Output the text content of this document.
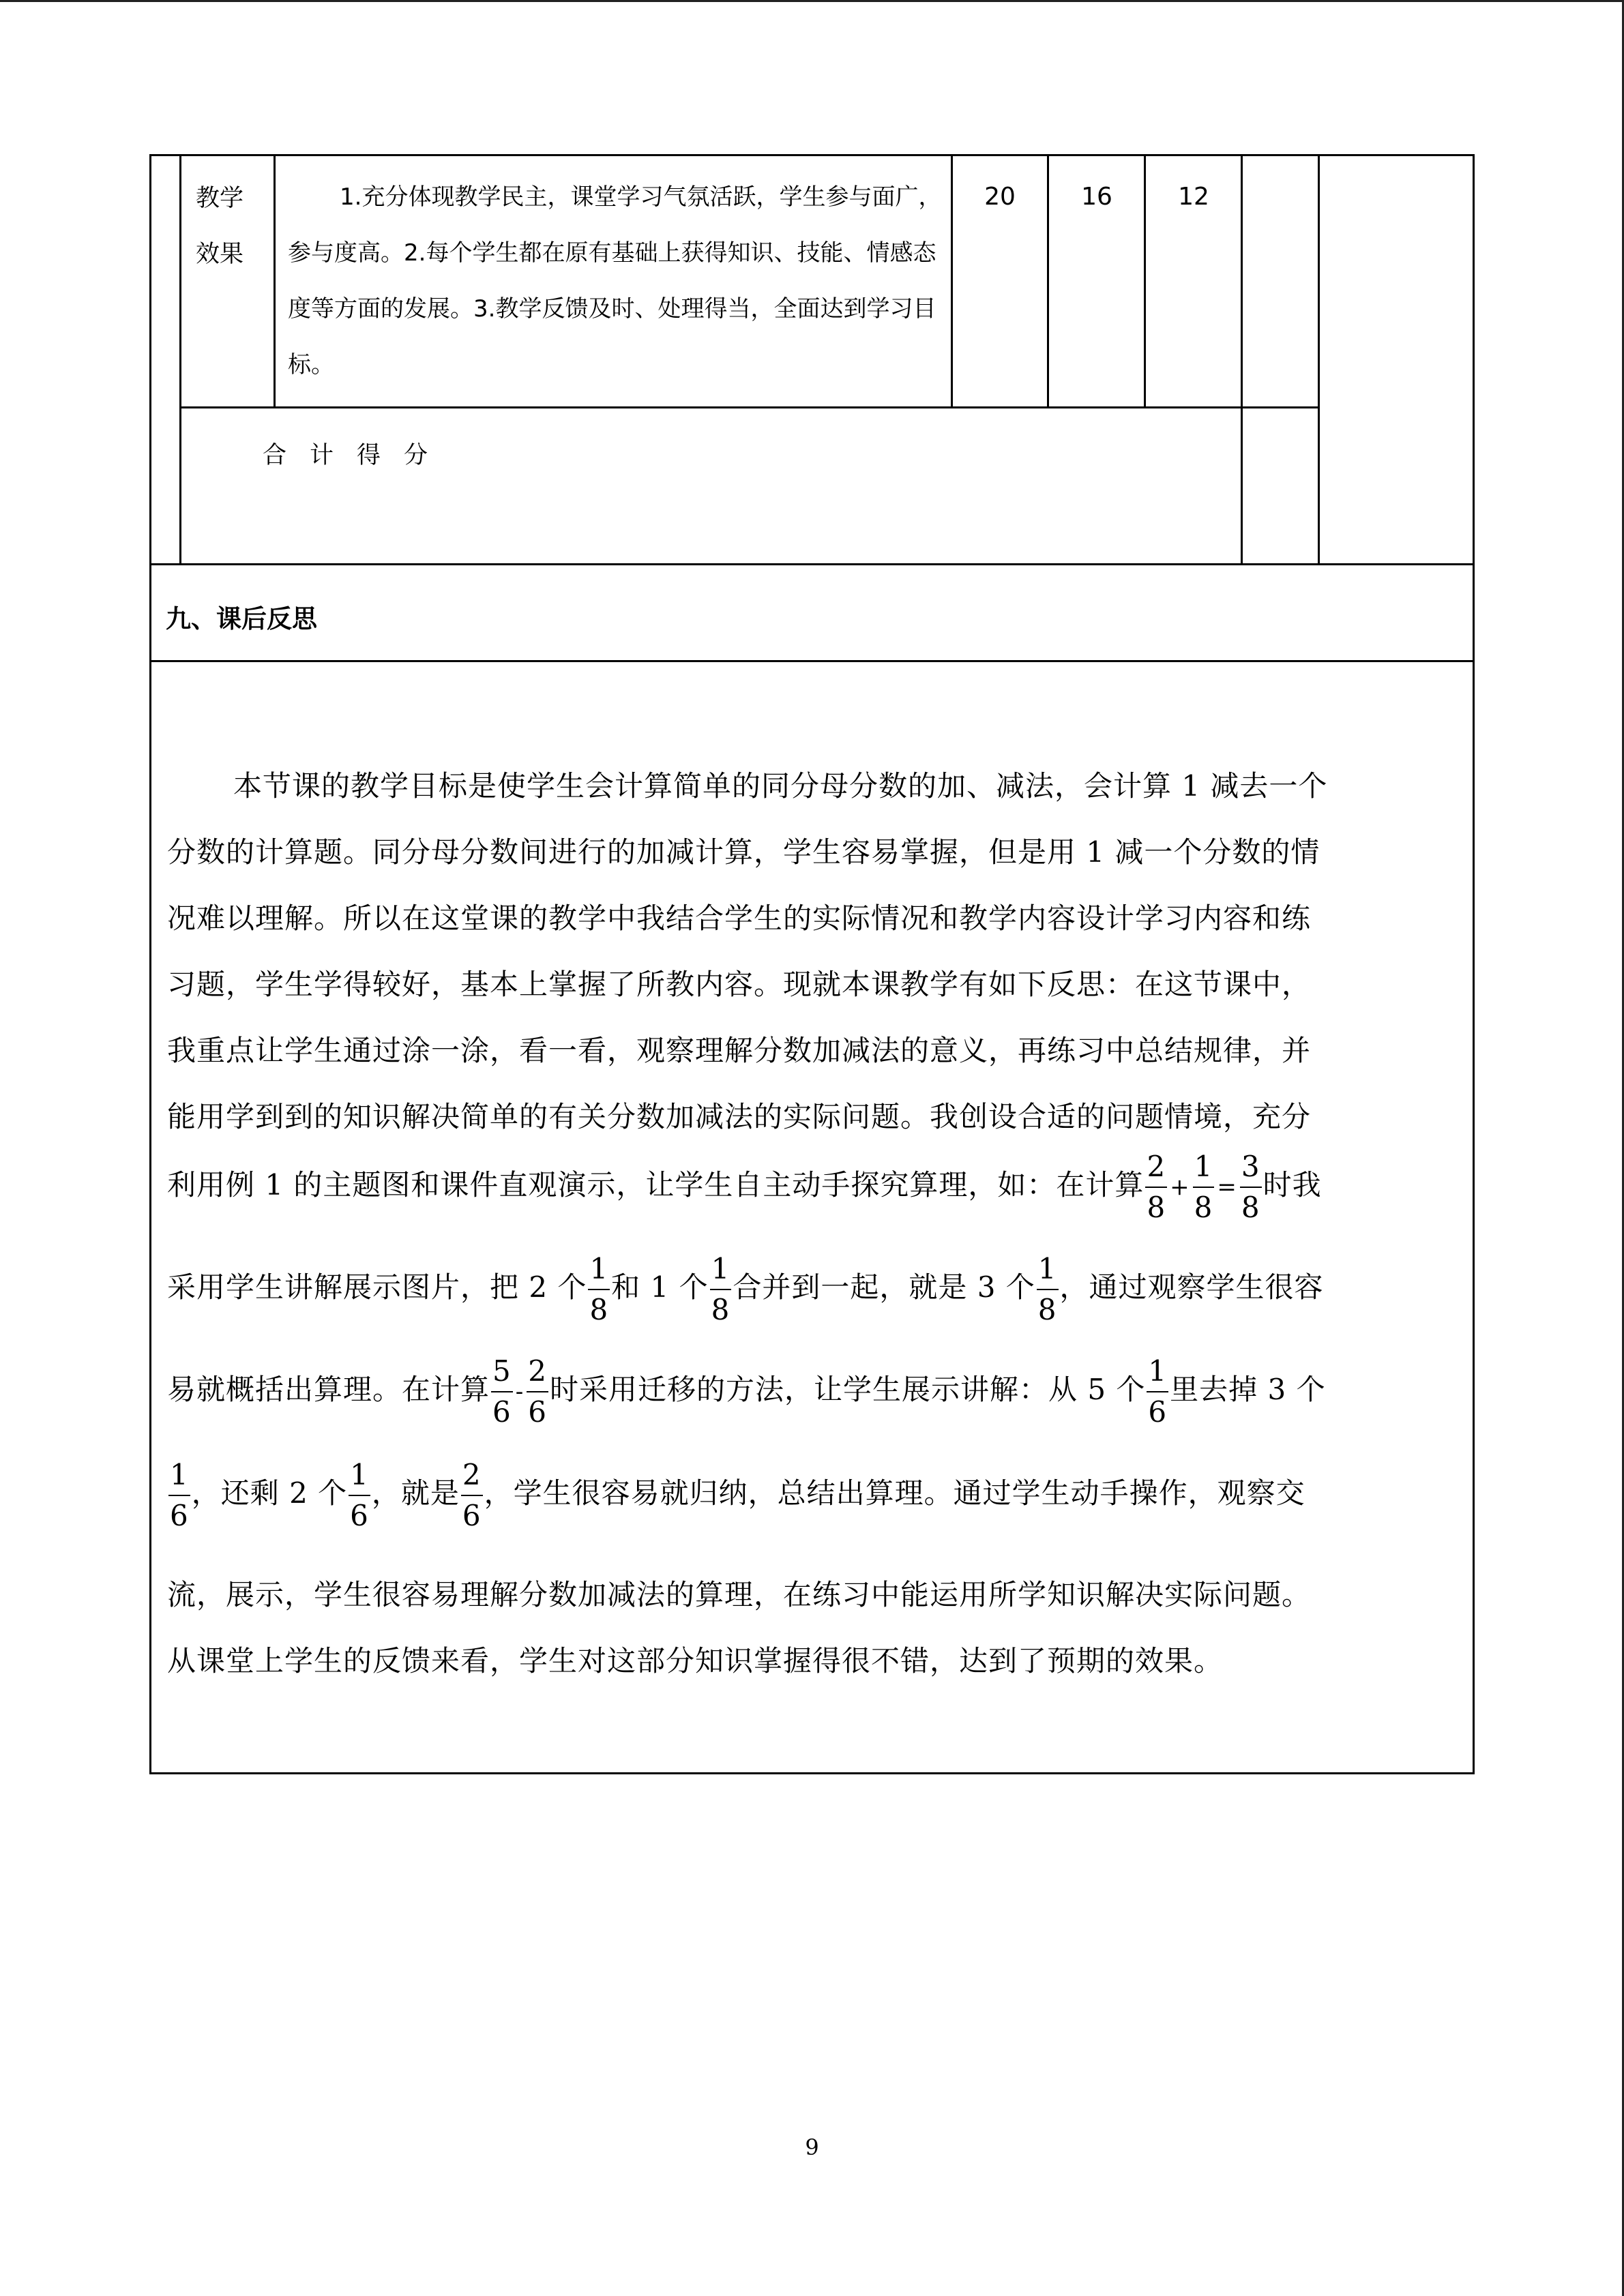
教学
效果
1.充分体现教学民主，课堂学习气氛活跃，学生参与面广，参与度高。2.每个学生都在原有基础上获得知识、技能、情感态度等方面的发展。3.教学反馈及时、处理得当，全面达到学习目标。
20	16	12
合计得分
九、课后反思
本节课的教学目标是使学生会计算简单的同分母分数的加、减法，会计算 1 减去一个
分数的计算题。同分母分数间进行的加减计算，学生容易掌握，但是用 1 减一个分数的情
况难以理解。所以在这堂课的教学中我结合学生的实际情况和教学内容设计学习内容和练
习题，学生学得较好，基本上掌握了所教内容。现就本课教学有如下反思：在这节课中，
我重点让学生通过涂一涂，看一看，观察理解分数加减法的意义，再练习中总结规律，并
能用学到到的知识解决简单的有关分数加减法的实际问题。我创设合适的问题情境，充分
利用例 1 的主题图和课件直观演示，让学生自主动手探究算理，如：在计算 $\frac{2}{8} + \frac{1}{8} = \frac{3}{8}$ 时我
采用学生讲解展示图片，把 2 个 $\frac{1}{8}$ 和 1 个 $\frac{1}{8}$ 合并到一起，就是 3 个 $\frac{1}{8}$ ，通过观察学生很容
易就概括出算理。在计算 $\frac{5}{6} - \frac{2}{6}$ 时采用迁移的方法，让学生展示讲解：从 5 个 $\frac{1}{6}$ 里去掉 3 个
$\frac{1}{6}$ ，还剩 2 个 $\frac{1}{6}$ ，就是 $\frac{2}{6}$ ，学生很容易就归纳，总结出算理。通过学生动手操作，观察交
流，展示，学生很容易理解分数加减法的算理，在练习中能运用所学知识解决实际问题。
从课堂上学生的反馈来看，学生对这部分知识掌握得很不错，达到了预期的效果。
9
